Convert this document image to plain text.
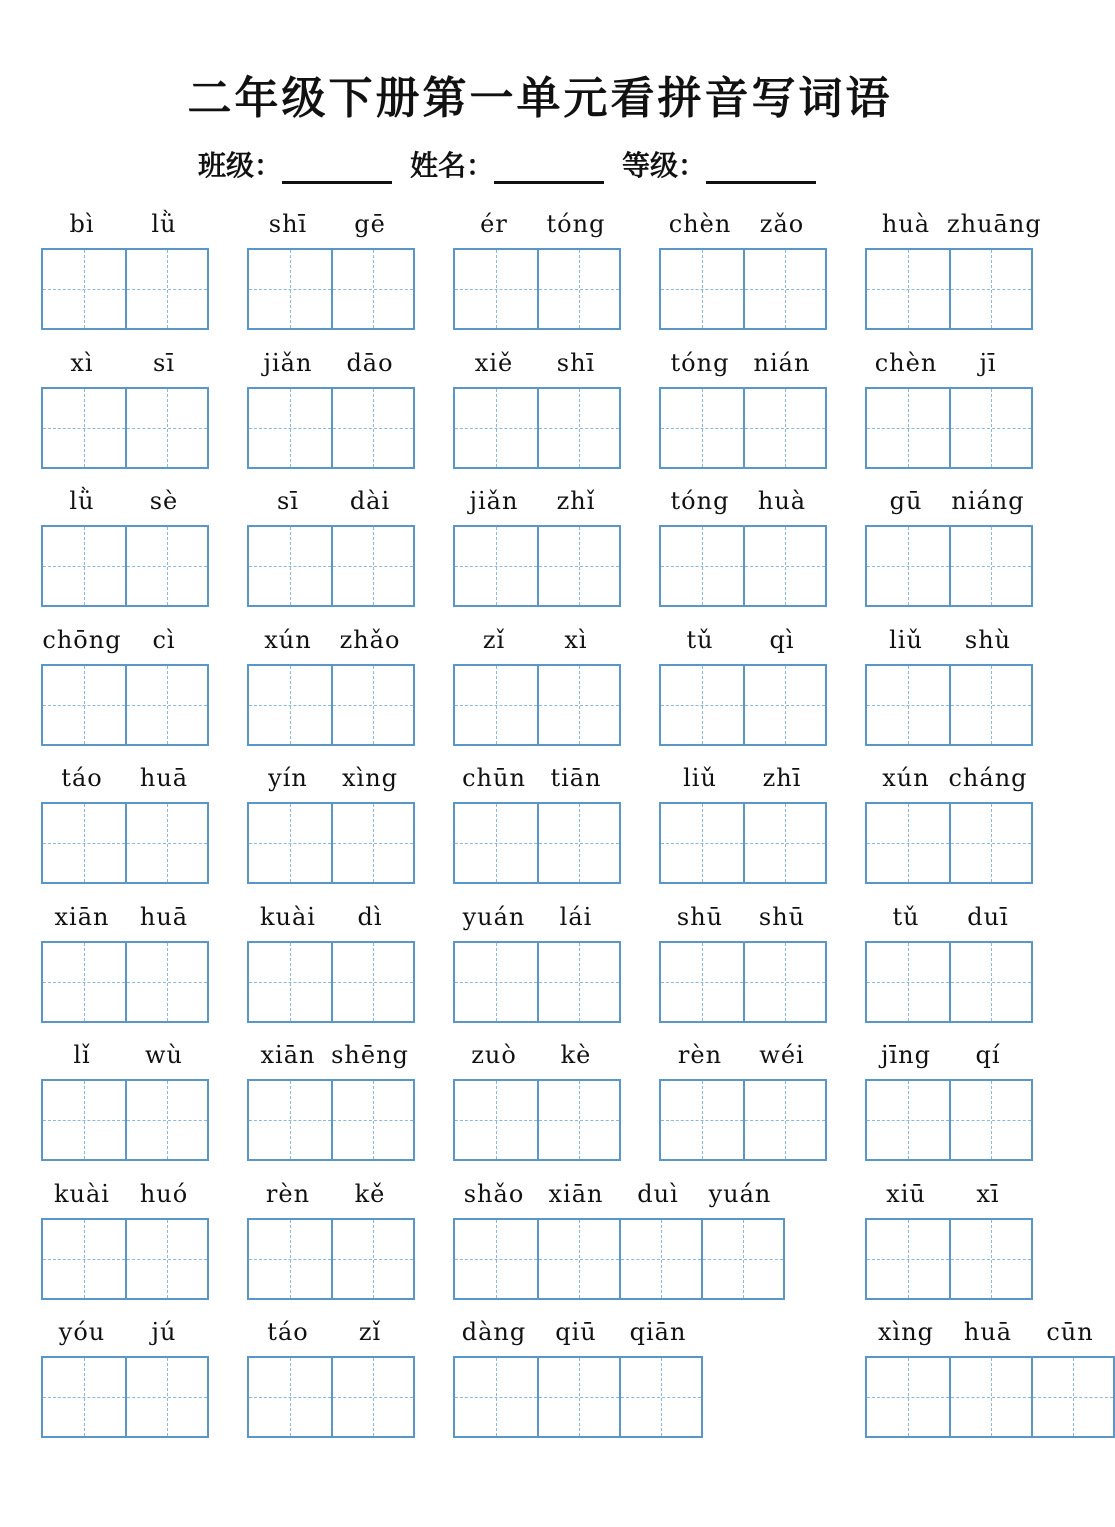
二年级下册第一单元看拼音写词语
班级：	姓名：	等级：
bì	lǜ	shī	gē	ér	tóng	chèn	zǎo	huà zhuāng
xì	sī	jiǎn	dāo	xiě	shī	tóng	nián	chèn	jī
lǜ	sè	sī	dài	jiǎn	zhǐ	tóng	huà	gū	niáng
chōng	cì	xún	zhǎo	zǐ	xì	tǔ	qì	liǔ	shù
táo	huā	yín	xìng	chūn	tiān	liǔ	zhī	xún cháng
xiān	huā	kuài	dì	yuán	lái	shū	shū	tǔ	duī
lǐ	wù	xiān shēng	zuò	kè	rèn	wéi	jīng	qí
kuài	huó	rèn	kě	shǎo	xiān	duì	yuán	xiū	xī
yóu	jú	táo	zǐ	dàng	qiū	qiān	xìng	huā	cūn
